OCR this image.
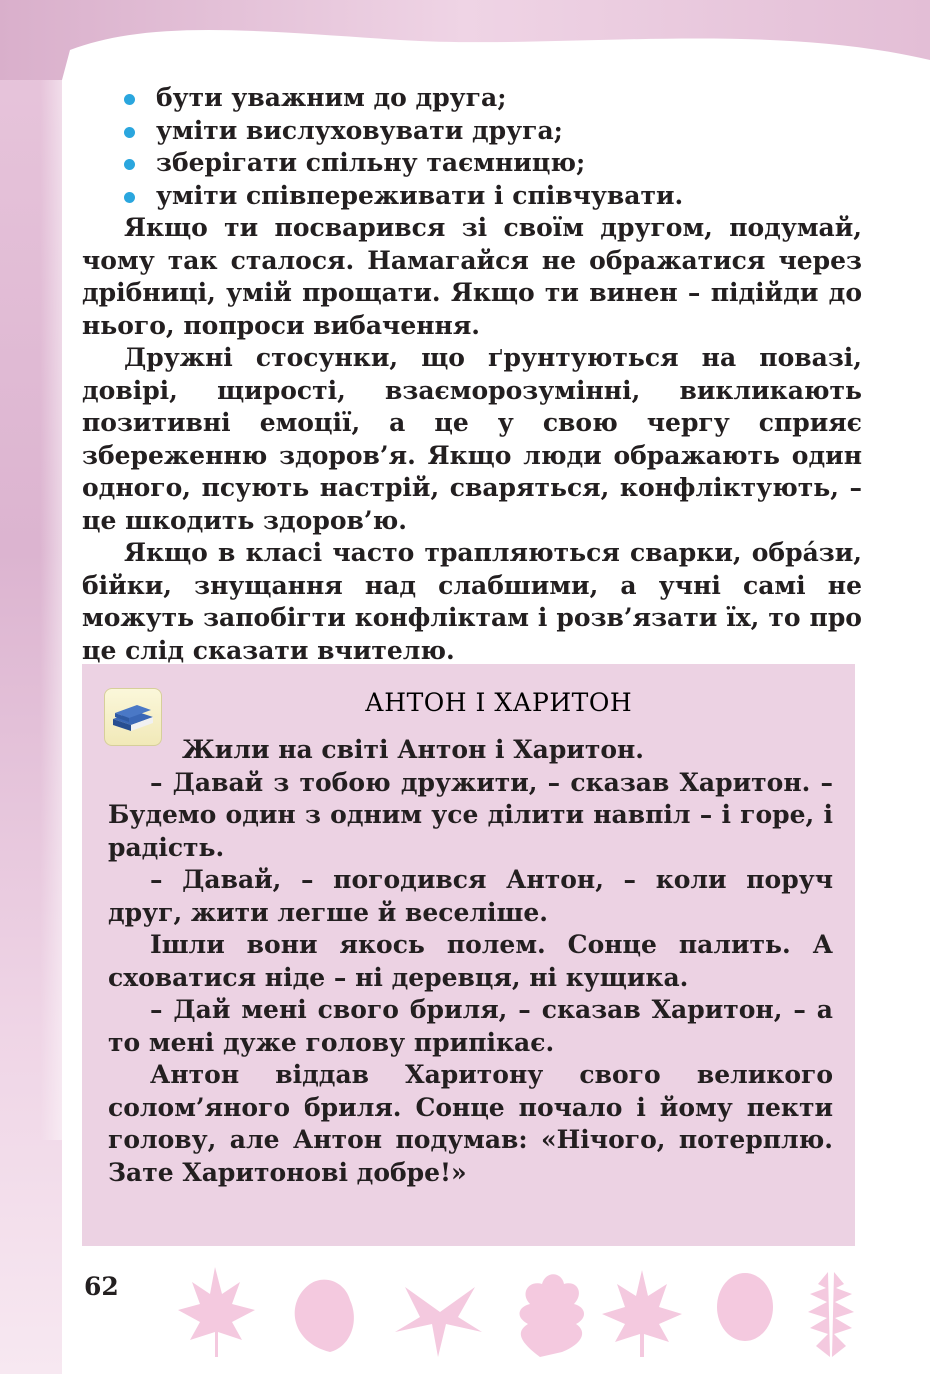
бути уважним до друга;
уміти вислуховувати друга;
зберігати спільну таємницю;
уміти співпереживати і співчувати.

Якщо ти посварився зі своїм другом, подумай, чому так сталося. Намагайся не ображатися через дрібниці, умій прощати. Якщо ти винен – підійди до нього, попроси вибачення.

Дружні стосунки, що ґрунтуються на повазі, довірі, щирості, взаєморозумінні, викликають позитивні емоції, а це у свою чергу сприяє збереженню здоров’я. Якщо люди ображають один одного, псують настрій, сваряться, конфліктують, – це шкодить здоров’ю.

Якщо в класі часто трапляються сварки, обрáзи, бійки, знущання над слабшими, а учні самі не можуть запобігти конфліктам і розв’язати їх, то про це слід сказати вчителю.

АНТОН І ХАРИТОН

Жили на світі Антон і Харитон.

– Давай з тобою дружити, – сказав Харитон. – Будемо один з одним усе ділити навпіл – і горе, і радість.

– Давай, – погодився Антон, – коли поруч друг, жити легше й веселіше.

Ішли вони якось полем. Сонце палить. А сховатися ніде – ні деревця, ні кущика.

– Дай мені свого бриля, – сказав Харитон, – а то мені дуже голову припікає.

Антон віддав Харитону свого великого солом’яного бриля. Сонце почало і йому пекти голову, але Антон подумав: «Нічого, потерплю. Зате Харитонові добре!»

62
